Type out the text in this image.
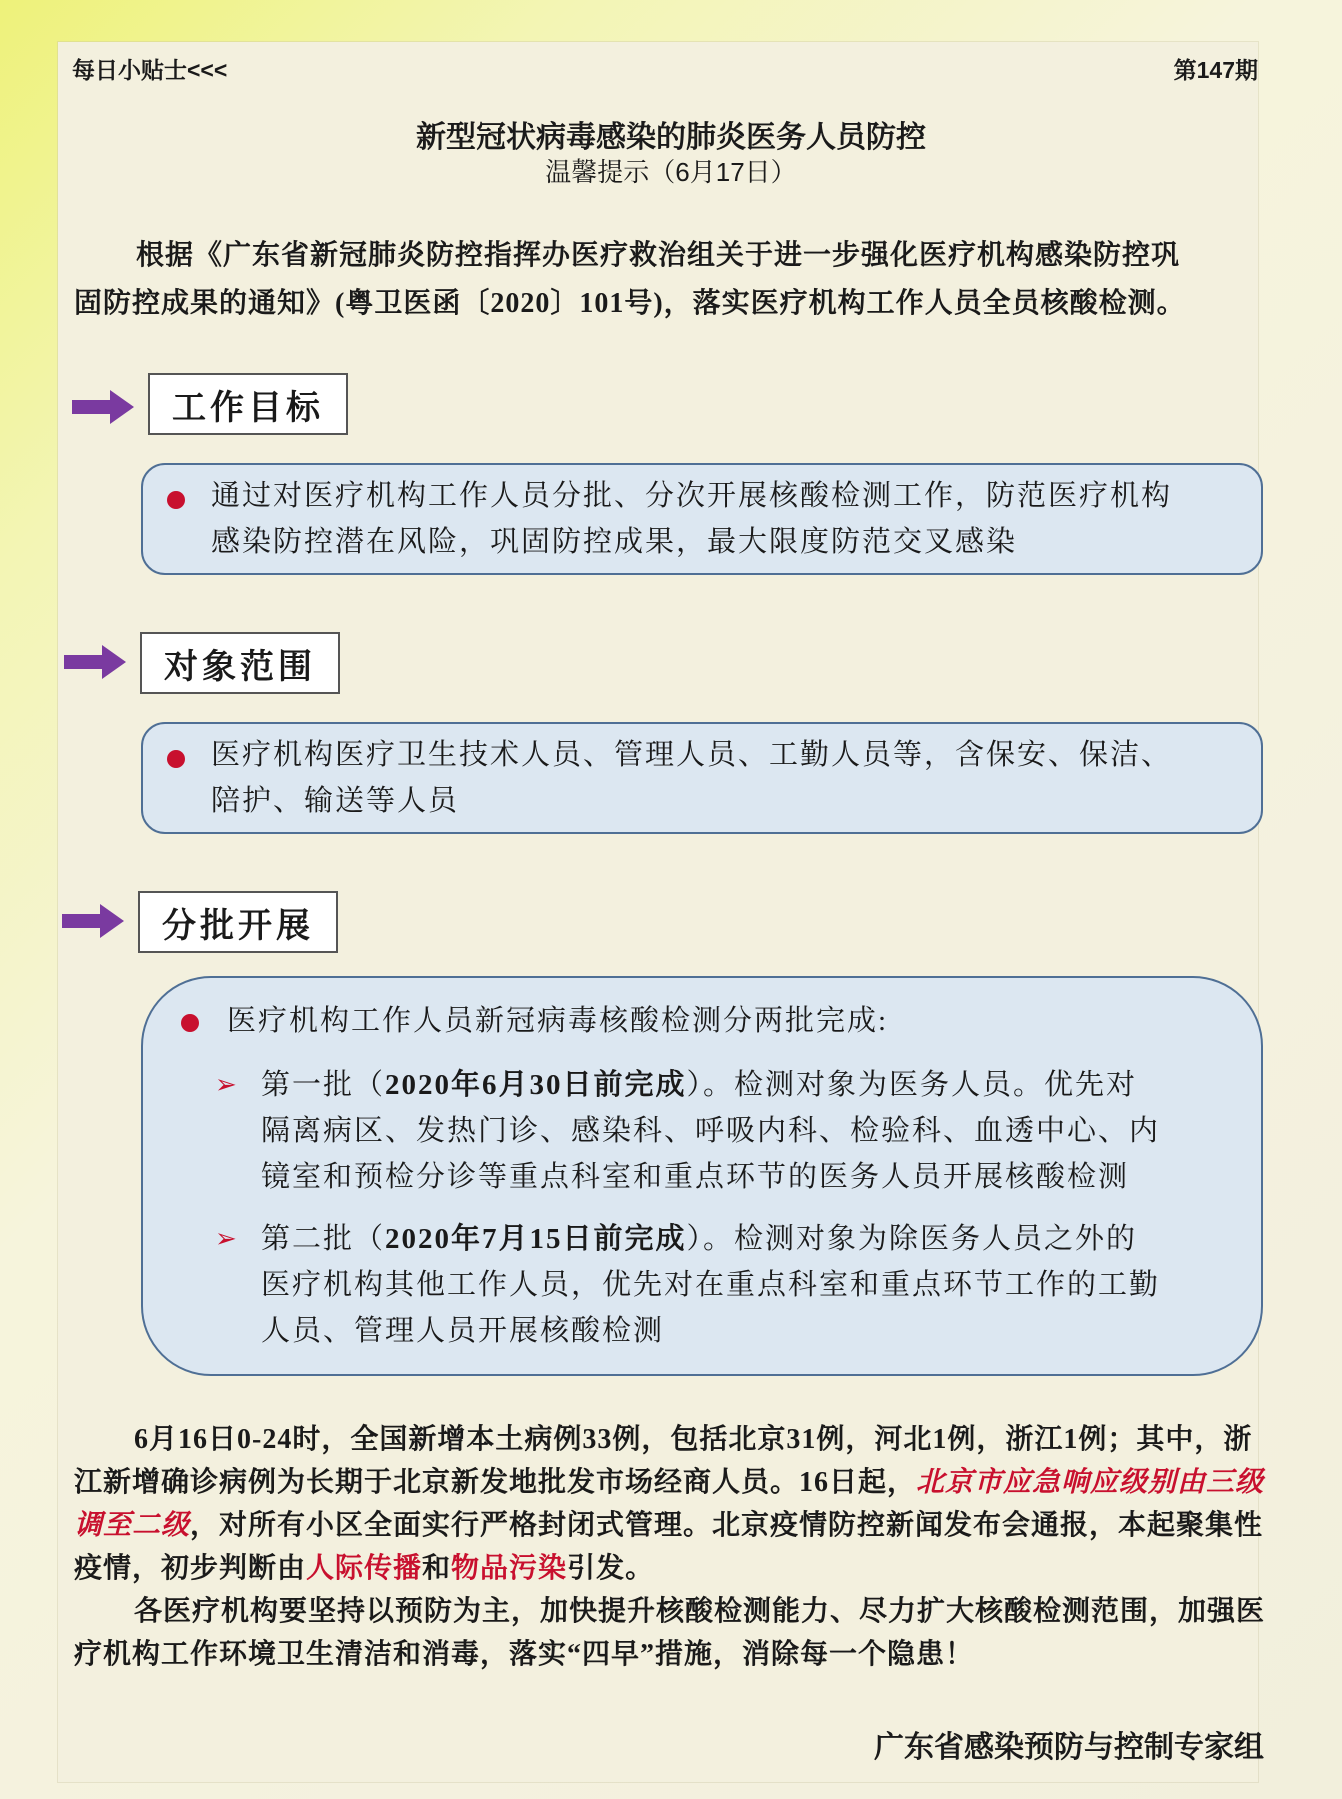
每日小贴士<<<	第147期
新型冠状病毒感染的肺炎医务人员防控
温馨提示（6月17日）
根据《广东省新冠肺炎防控指挥办医疗救治组关于进一步强化医疗机构感染防控巩
固防控成果的通知》(粤卫医函〔2020〕101号)，落实医疗机构工作人员全员核酸检测。
工作目标
通过对医疗机构工作人员分批、分次开展核酸检测工作，防范医疗机构
感染防控潜在风险，巩固防控成果，最大限度防范交叉感染
对象范围
医疗机构医疗卫生技术人员、管理人员、工勤人员等，含保安、保洁、
陪护、输送等人员
分批开展
医疗机构工作人员新冠病毒核酸检测分两批完成:
➢ 第一批（2020年6月30日前完成）。检测对象为医务人员。优先对
隔离病区、发热门诊、感染科、呼吸内科、检验科、血透中心、内
镜室和预检分诊等重点科室和重点环节的医务人员开展核酸检测
➢ 第二批（2020年7月15日前完成）。检测对象为除医务人员之外的
医疗机构其他工作人员，优先对在重点科室和重点环节工作的工勤
人员、管理人员开展核酸检测
6月16日0-24时，全国新增本土病例33例，包括北京31例，河北1例，浙江1例；其中，浙江新增确诊病例为长期于北京新发地批发市场经商人员。16日起，北京市应急响应级别由三级调至二级，对所有小区全面实行严格封闭式管理。北京疫情防控新闻发布会通报，本起聚集性疫情，初步判断由人际传播和物品污染引发。
各医疗机构要坚持以预防为主，加快提升核酸检测能力、尽力扩大核酸检测范围，加强医疗机构工作环境卫生清洁和消毒，落实“四早”措施，消除每一个隐患！
广东省感染预防与控制专家组
